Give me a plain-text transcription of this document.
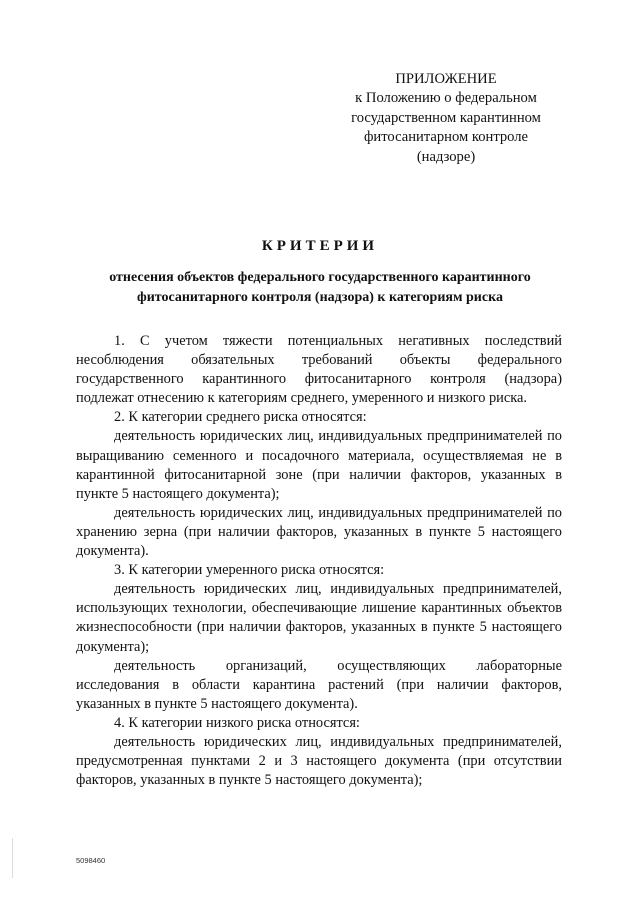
ПРИЛОЖЕНИЕ
к Положению о федеральном
государственном карантинном
фитосанитарном контроле
(надзоре)
КРИТЕРИИ
отнесения объектов федерального государственного карантинного
фитосанитарного контроля (надзора) к категориям риска

1. С учетом тяжести потенциальных негативных последствий несоблюдения обязательных требований объекты федерального государственного карантинного фитосанитарного контроля (надзора) подлежат отнесению к категориям среднего, умеренного и низкого риска.

2. К категории среднего риска относятся:

деятельность юридических лиц, индивидуальных предпринимателей по выращиванию семенного и посадочного материала, осуществляемая не в карантинной фитосанитарной зоне (при наличии факторов, указанных в пункте 5 настоящего документа);

деятельность юридических лиц, индивидуальных предпринимателей по хранению зерна (при наличии факторов, указанных в пункте 5 настоящего документа).

3. К категории умеренного риска относятся:

деятельность юридических лиц, индивидуальных предпринимателей, использующих технологии, обеспечивающие лишение карантинных объектов жизнеспособности (при наличии факторов, указанных в пункте 5 настоящего документа);

деятельность организаций, осуществляющих лабораторные исследования в области карантина растений (при наличии факторов, указанных в пункте 5 настоящего документа).

4. К категории низкого риска относятся:

деятельность юридических лиц, индивидуальных предпринимателей, предусмотренная пунктами 2 и 3 настоящего документа (при отсутствии факторов, указанных в пункте 5 настоящего документа);

5098460
